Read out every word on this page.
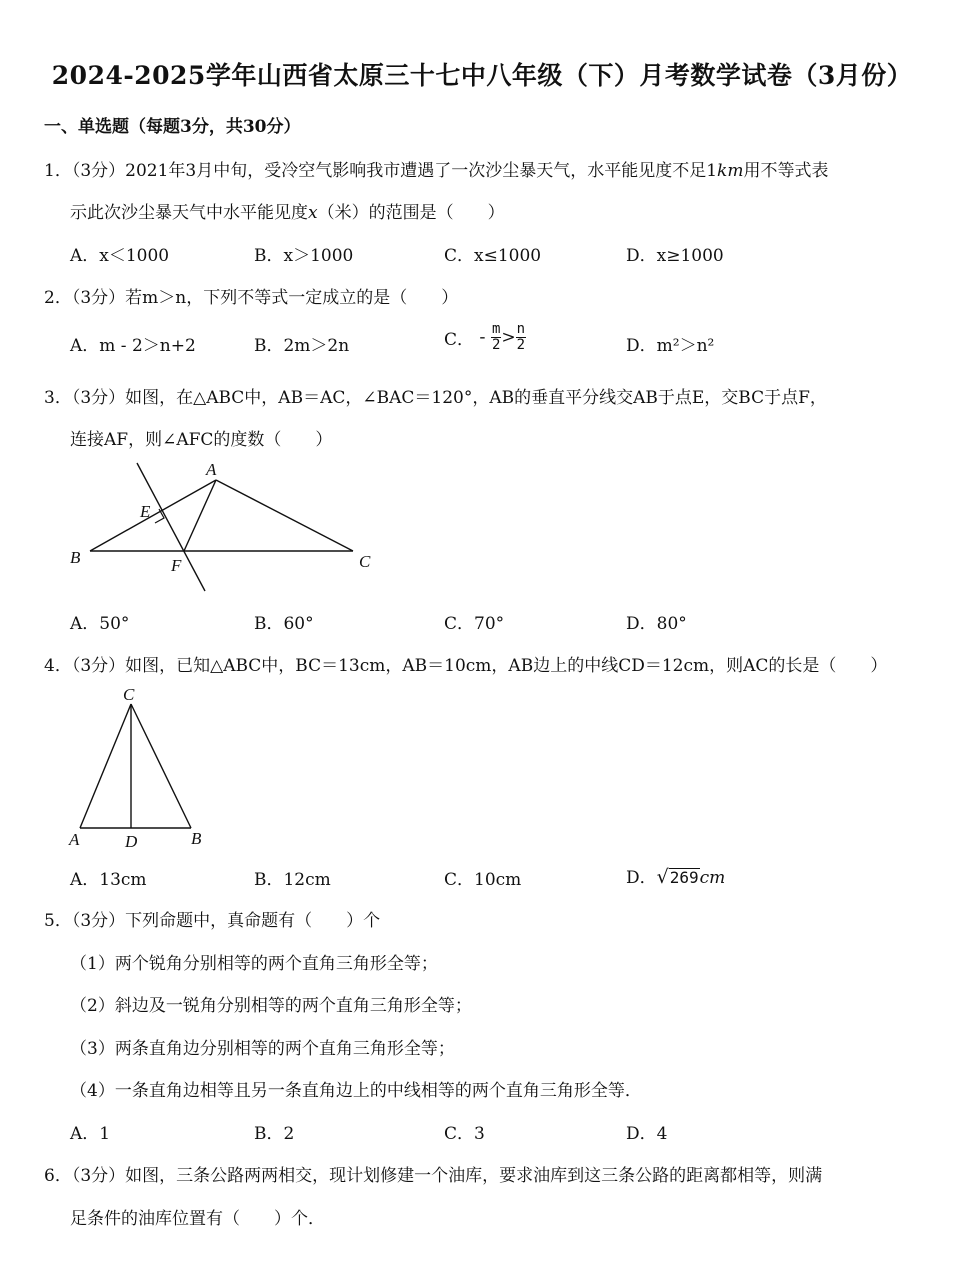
2024-2025学年山西省太原三十七中八年级（下）月考数学试卷（3月份）
一、单选题（每题3分，共30分）
1．（3分）2021年3月中旬，受冷空气影响我市遭遇了一次沙尘暴天气，水平能见度不足1km用不等式表
示此次沙尘暴天气中水平能见度x（米）的范围是（　　）
A．x＜1000	B．x＞1000	C．x≤1000	D．x≥1000
2．（3分）若m＞n，下列不等式一定成立的是（　　）
A．m - 2＞n+2	B．2m＞2n	C． - $\frac{m}{2} > \frac{n}{2}$	D．m²＞n²
3．（3分）如图，在△ABC中，AB＝AC，∠BAC＝120°，AB的垂直平分线交AB于点E，交BC于点F，
连接AF，则∠AFC的度数（　　）
A
B	C
E
F
A．50°	B．60°	C．70°	D．80°
4．（3分）如图，已知△ABC中，BC＝13cm，AB＝10cm，AB边上的中线CD＝12cm，则AC的长是（　　）
C
A	D	B
A．13cm	B．12cm	C．10cm	D．√269cm
5．（3分）下列命题中，真命题有（　　）个
（1）两个锐角分别相等的两个直角三角形全等；
（2）斜边及一锐角分别相等的两个直角三角形全等；
（3）两条直角边分别相等的两个直角三角形全等；
（4）一条直角边相等且另一条直角边上的中线相等的两个直角三角形全等．
A．1	B．2	C．3	D．4
6．（3分）如图，三条公路两两相交，现计划修建一个油库，要求油库到这三条公路的距离都相等，则满
足条件的油库位置有（　　）个．
